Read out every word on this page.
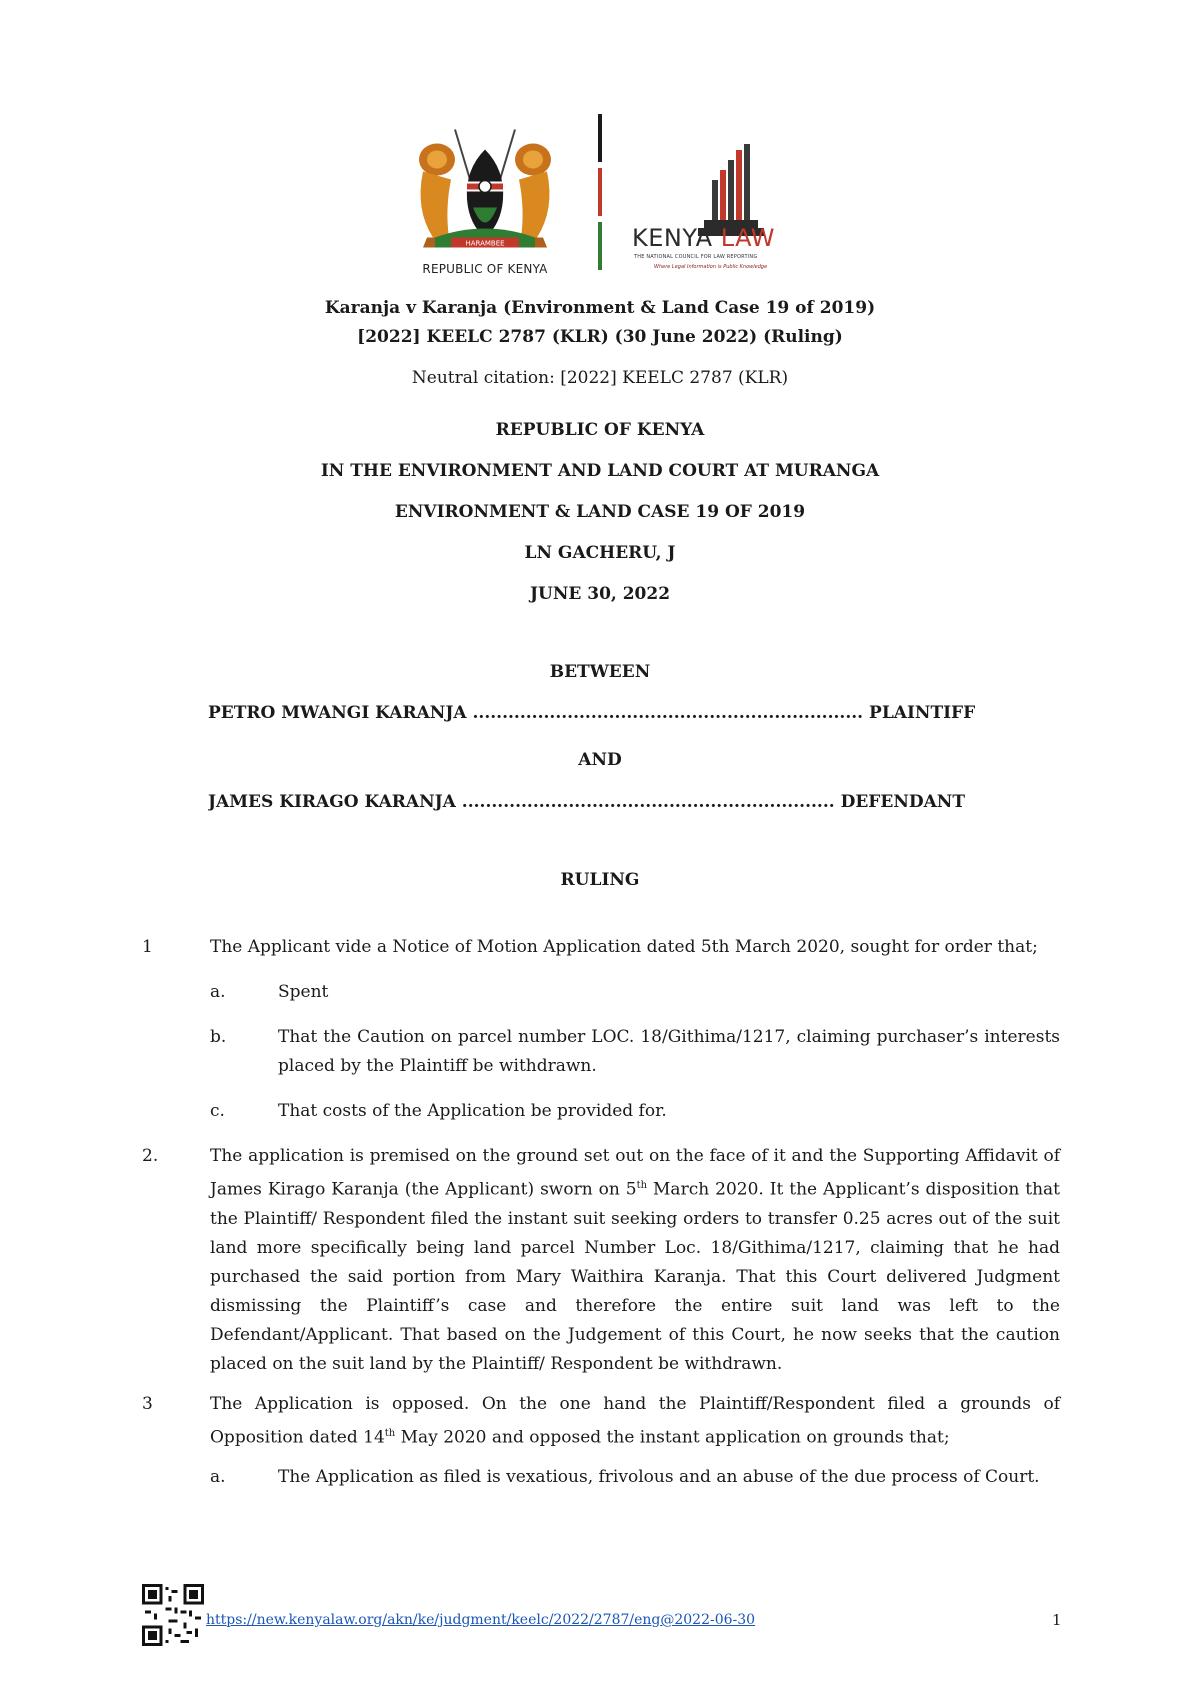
HARAMBEE
REPUBLIC OF KENYA
KENYA LAW
THE NATIONAL COUNCIL FOR LAW REPORTING
Where Legal Information is Public Knowledge
Karanja v Karanja (Environment & Land Case 19 of 2019)
[2022] KEELC 2787 (KLR) (30 June 2022) (Ruling)
Neutral citation: [2022] KEELC 2787 (KLR)
REPUBLIC OF KENYA
IN THE ENVIRONMENT AND LAND COURT AT MURANGA
ENVIRONMENT & LAND CASE 19 OF 2019
LN GACHERU, J
JUNE 30, 2022
BETWEEN
PETRO MWANGI KARANJA .................................................................. PLAINTIFF
AND
JAMES KIRAGO KARANJA ............................................................... DEFENDANT
RULING
1	The Applicant vide a Notice of Motion Application dated 5th March 2020, sought for order that;
a.	Spent
b.	That the Caution on parcel number LOC. 18/Githima/1217, claiming purchaser’s interests placed by the Plaintiff be withdrawn.
c.	That costs of the Application be provided for.
2.	The application is premised on the ground set out on the face of it and the Supporting Affidavit of James Kirago Karanja (the Applicant) sworn on 5th March 2020. It the Applicant’s disposition that the Plaintiff/ Respondent filed the instant suit seeking orders to transfer 0.25 acres out of the suit land more specifically being land parcel Number Loc. 18/Githima/1217, claiming that he had purchased the said portion from Mary Waithira Karanja. That this Court delivered Judgment dismissing the Plaintiff’s case and therefore the entire suit land was left to the Defendant/Applicant. That based on the Judgement of this Court, he now seeks that the caution placed on the suit land by the Plaintiff/ Respondent be withdrawn.
3	The Application is opposed. On the one hand the Plaintiff/Respondent filed a grounds of Opposition dated 14th May 2020 and opposed the instant application on grounds that;
a.	The Application as filed is vexatious, frivolous and an abuse of the due process of Court.
https://new.kenyalaw.org/akn/ke/judgment/keelc/2022/2787/eng@2022-06-30	1
